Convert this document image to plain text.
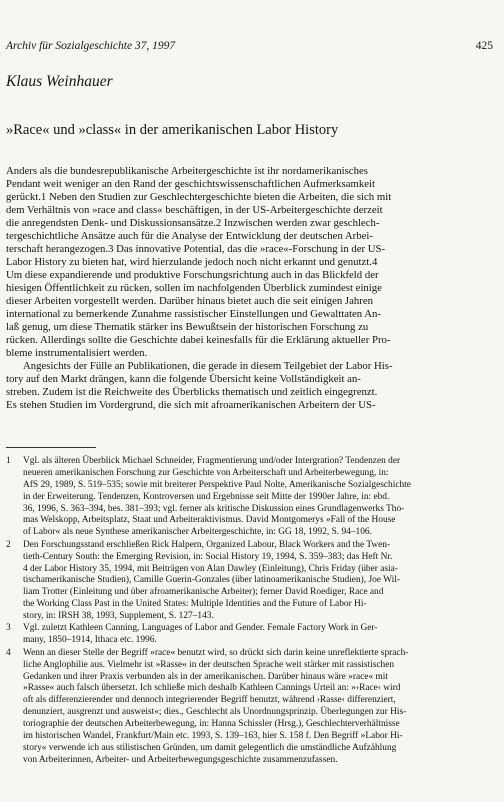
Archiv für Sozialgeschichte 37, 1997	425
Klaus Weinhauer
»Race« und »class« in der amerikanischen Labor History
Anders als die bundesrepublikanische Arbeitergeschichte ist ihr nordamerikanisches
Pendant weit weniger an den Rand der geschichtswissenschaftlichen Aufmerksamkeit
gerückt.1 Neben den Studien zur Geschlechtergeschichte bieten die Arbeiten, die sich mit
dem Verhältnis von »race and class« beschäftigen, in der US-Arbeitergeschichte derzeit
die anregendsten Denk- und Diskussionsansätze.2 Inzwischen werden zwar geschlech-
tergeschichtliche Ansätze auch für die Analyse der Entwicklung der deutschen Arbei-
terschaft herangezogen.3 Das innovative Potential, das die »race«-Forschung in der US-
Labor History zu bieten hat, wird hierzulande jedoch noch nicht erkannt und genutzt.4
Um diese expandierende und produktive Forschungsrichtung auch in das Blickfeld der
hiesigen Öffentlichkeit zu rücken, sollen im nachfolgenden Überblick zumindest einige
dieser Arbeiten vorgestellt werden. Darüber hinaus bietet auch die seit einigen Jahren
international zu bemerkende Zunahme rassistischer Einstellungen und Gewalttaten An-
laß genug, um diese Thematik stärker ins Bewußtsein der historischen Forschung zu
rücken. Allerdings sollte die Geschichte dabei keinesfalls für die Erklärung aktueller Pro-
bleme instrumentalisiert werden.
Angesichts der Fülle an Publikationen, die gerade in diesem Teilgebiet der Labor His-
tory auf den Markt drängen, kann die folgende Übersicht keine Vollständigkeit an-
streben. Zudem ist die Reichweite des Überblicks thematisch und zeitlich eingegrenzt.
Es stehen Studien im Vordergrund, die sich mit afroamerikanischen Arbeitern der US-
1 Vgl. als älteren Überblick Michael Schneider, Fragmentierung und/oder Intergration? Tendenzen der
neueren amerikanischen Forschung zur Geschichte von Arbeiterschaft und Arbeiterbewegung, in:
AfS 29, 1989, S. 519–535; sowie mit breiterer Perspektive Paul Nolte, Amerikanische Sozialgeschichte
in der Erweiterung. Tendenzen, Kontroversen und Ergebnisse seit Mitte der 1990er Jahre, in: ebd.
36, 1996, S. 363–394, bes. 381–393; vgl. ferner als kritische Diskussion eines Grundlagenwerks Tho-
mas Welskopp, Arbeitsplatz, Staat und Arbeiteraktivismus. David Montgomerys »Fall of the House
of Labor« als neue Synthese amerikanischer Arbeitergeschichte, in: GG 18, 1992, S. 94–106.
2 Den Forschungsstand erschließen Rick Halpern, Organized Labour, Black Workers and the Twen-
tieth-Century South: the Emerging Revision, in: Social History 19, 1994, S. 359–383; das Heft Nr.
4 der Labor History 35, 1994, mit Beiträgen von Alan Dawley (Einleitung), Chris Friday (über asia-
tischamerikanische Studien), Camille Guerin-Gonzales (über latinoamerikanische Studien), Joe Wil-
liam Trotter (Einleitung und über afroamerikanische Arbeiter); ferner David Roediger, Race and
the Working Class Past in the United States: Multiple Identities and the Future of Labor Hi-
story, in: IRSH 38, 1993, Supplement, S. 127–143.
3 Vgl. zuletzt Kathleen Canning, Languages of Labor and Gender. Female Factory Work in Ger-
many, 1850–1914, Ithaca etc. 1996.
4 Wenn an dieser Stelle der Begriff »race« benutzt wird, so drückt sich darin keine unreflektierte sprach-
liche Anglophilie aus. Vielmehr ist »Rasse« in der deutschen Sprache weit stärker mit rassistischen
Gedanken und ihrer Praxis verbunden als in der amerikanischen. Darüber hinaus wäre »race« mit
»Rasse« auch falsch übersetzt. Ich schließe mich deshalb Kathleen Cannings Urteil an: »›Race‹ wird
oft als differenzierender und dennoch integrierender Begriff benutzt, während ›Rasse‹ differenziert,
denunziert, ausgrenzt und ausweist«; dies., Geschlecht als Unordnungsprinzip. Überlegungen zur His-
toriographie der deutschen Arbeiterbewegung, in: Hanna Schissler (Hrsg.), Geschlechterverhältnisse
im historischen Wandel, Frankfurt/Main etc. 1993, S. 139–163, hier S. 158 f. Den Begriff »Labor Hi-
story« verwende ich aus stilistischen Gründen, um damit gelegentlich die umständliche Aufzählung
von Arbeiterinnen, Arbeiter- und Arbeiterbewegungsgeschichte zusammenzufassen.
